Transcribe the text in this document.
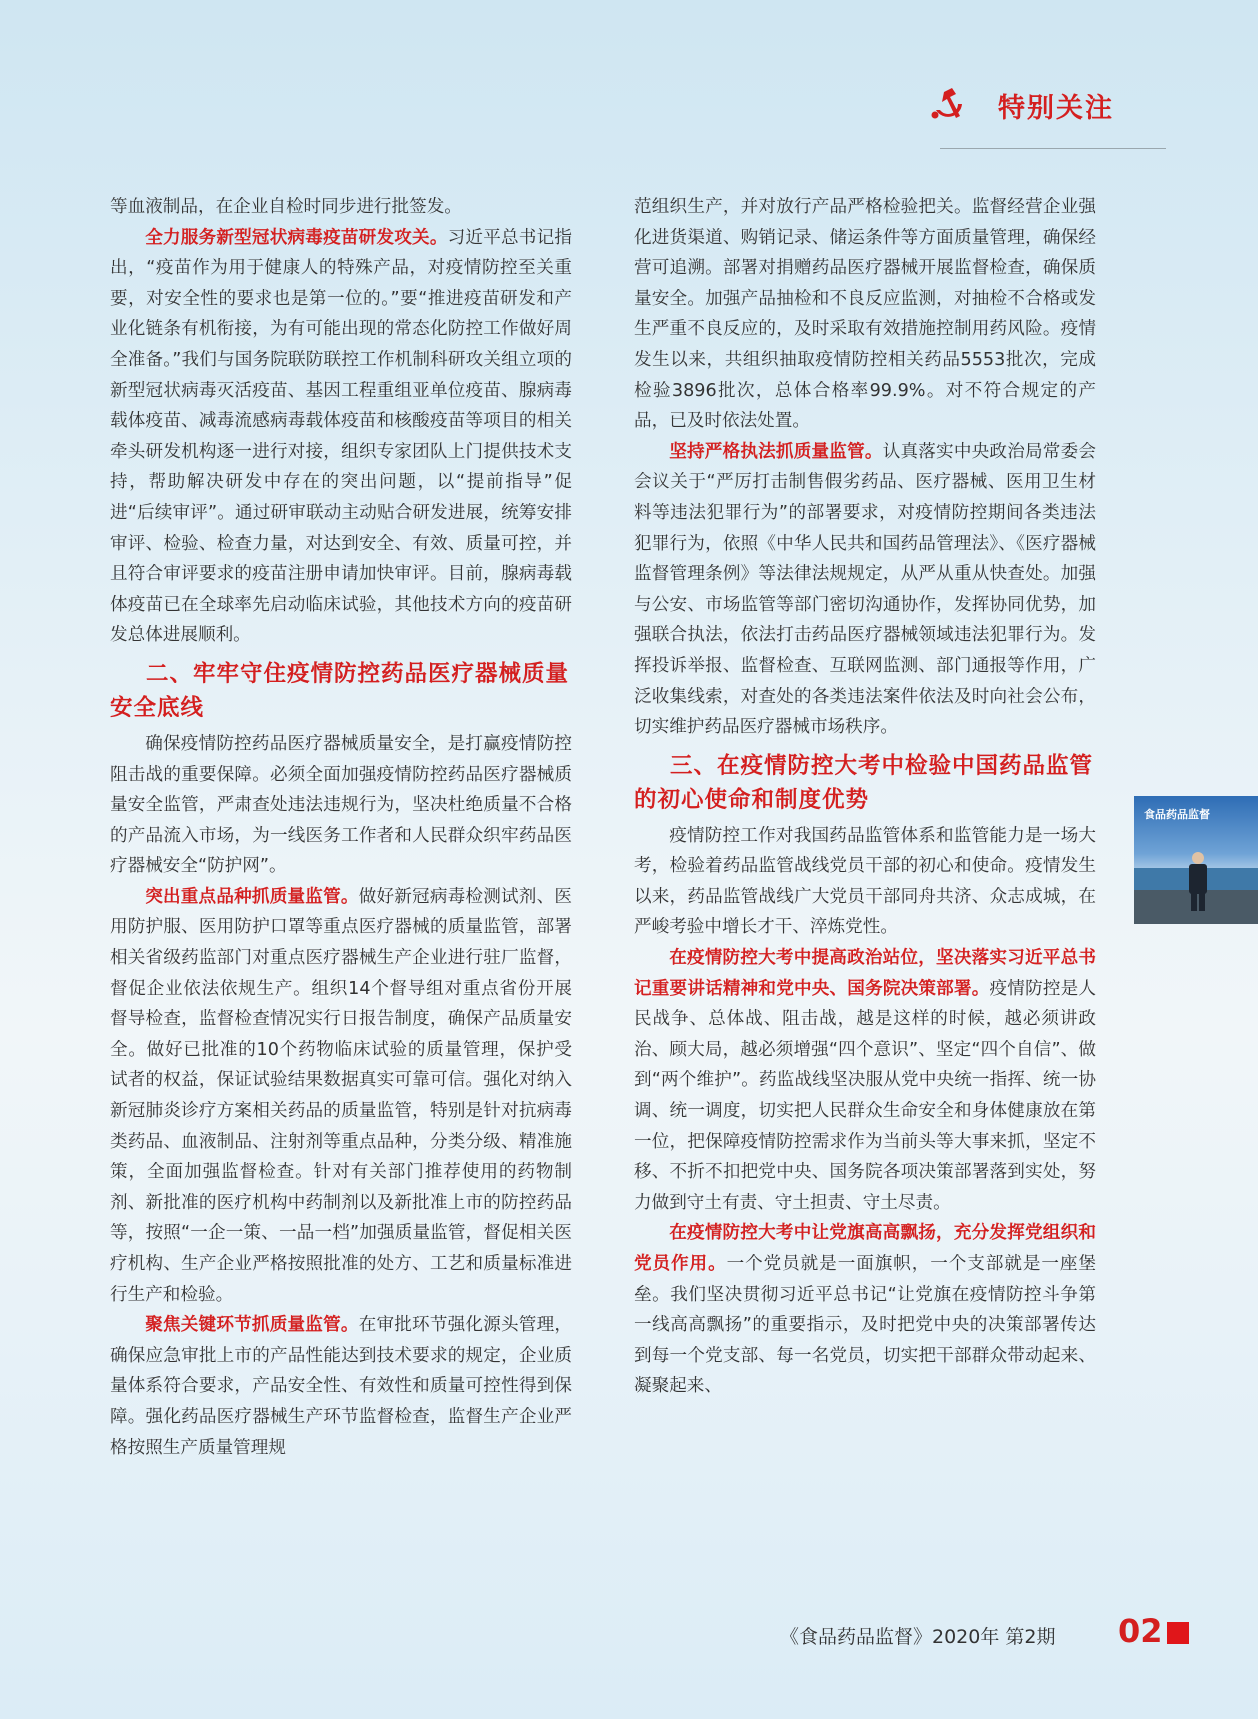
特别关注

等血液制品，在企业自检时同步进行批签发。

全力服务新型冠状病毒疫苗研发攻关。习近平总书记指出，“疫苗作为用于健康人的特殊产品，对疫情防控至关重要，对安全性的要求也是第一位的。”要“推进疫苗研发和产业化链条有机衔接，为有可能出现的常态化防控工作做好周全准备。”我们与国务院联防联控工作机制科研攻关组立项的新型冠状病毒灭活疫苗、基因工程重组亚单位疫苗、腺病毒载体疫苗、减毒流感病毒载体疫苗和核酸疫苗等项目的相关牵头研发机构逐一进行对接，组织专家团队上门提供技术支持，帮助解决研发中存在的突出问题，以“提前指导”促进“后续审评”。通过研审联动主动贴合研发进展，统筹安排审评、检验、检查力量，对达到安全、有效、质量可控，并且符合审评要求的疫苗注册申请加快审评。目前，腺病毒载体疫苗已在全球率先启动临床试验，其他技术方向的疫苗研发总体进展顺利。

二、牢牢守住疫情防控药品医疗器械质量安全底线

确保疫情防控药品医疗器械质量安全，是打赢疫情防控阻击战的重要保障。必须全面加强疫情防控药品医疗器械质量安全监管，严肃查处违法违规行为，坚决杜绝质量不合格的产品流入市场，为一线医务工作者和人民群众织牢药品医疗器械安全“防护网”。

突出重点品种抓质量监管。做好新冠病毒检测试剂、医用防护服、医用防护口罩等重点医疗器械的质量监管，部署相关省级药监部门对重点医疗器械生产企业进行驻厂监督，督促企业依法依规生产。组织14个督导组对重点省份开展督导检查，监督检查情况实行日报告制度，确保产品质量安全。做好已批准的10个药物临床试验的质量管理，保护受试者的权益，保证试验结果数据真实可靠可信。强化对纳入新冠肺炎诊疗方案相关药品的质量监管，特别是针对抗病毒类药品、血液制品、注射剂等重点品种，分类分级、精准施策，全面加强监督检查。针对有关部门推荐使用的药物制剂、新批准的医疗机构中药制剂以及新批准上市的防控药品等，按照“一企一策、一品一档”加强质量监管，督促相关医疗机构、生产企业严格按照批准的处方、工艺和质量标准进行生产和检验。

聚焦关键环节抓质量监管。在审批环节强化源头管理，确保应急审批上市的产品性能达到技术要求的规定，企业质量体系符合要求，产品安全性、有效性和质量可控性得到保障。强化药品医疗器械生产环节监督检查，监督生产企业严格按照生产质量管理规

范组织生产，并对放行产品严格检验把关。监督经营企业强化进货渠道、购销记录、储运条件等方面质量管理，确保经营可追溯。部署对捐赠药品医疗器械开展监督检查，确保质量安全。加强产品抽检和不良反应监测，对抽检不合格或发生严重不良反应的，及时采取有效措施控制用药风险。疫情发生以来，共组织抽取疫情防控相关药品5553批次，完成检验3896批次，总体合格率99.9%。对不符合规定的产品，已及时依法处置。

坚持严格执法抓质量监管。认真落实中央政治局常委会会议关于“严厉打击制售假劣药品、医疗器械、医用卫生材料等违法犯罪行为”的部署要求，对疫情防控期间各类违法犯罪行为，依照《中华人民共和国药品管理法》、《医疗器械监督管理条例》等法律法规规定，从严从重从快查处。加强与公安、市场监管等部门密切沟通协作，发挥协同优势，加强联合执法，依法打击药品医疗器械领域违法犯罪行为。发挥投诉举报、监督检查、互联网监测、部门通报等作用，广泛收集线索，对查处的各类违法案件依法及时向社会公布，切实维护药品医疗器械市场秩序。

三、在疫情防控大考中检验中国药品监管的初心使命和制度优势

疫情防控工作对我国药品监管体系和监管能力是一场大考，检验着药品监管战线党员干部的初心和使命。疫情发生以来，药品监管战线广大党员干部同舟共济、众志成城，在严峻考验中增长才干、淬炼党性。

在疫情防控大考中提高政治站位，坚决落实习近平总书记重要讲话精神和党中央、国务院决策部署。疫情防控是人民战争、总体战、阻击战，越是这样的时候，越必须讲政治、顾大局，越必须增强“四个意识”、坚定“四个自信”、做到“两个维护”。药监战线坚决服从党中央统一指挥、统一协调、统一调度，切实把人民群众生命安全和身体健康放在第一位，把保障疫情防控需求作为当前头等大事来抓，坚定不移、不折不扣把党中央、国务院各项决策部署落到实处，努力做到守土有责、守土担责、守土尽责。

在疫情防控大考中让党旗高高飘扬，充分发挥党组织和党员作用。一个党员就是一面旗帜，一个支部就是一座堡垒。我们坚决贯彻习近平总书记“让党旗在疫情防控斗争第一线高高飘扬”的重要指示，及时把党中央的决策部署传达到每一个党支部、每一名党员，切实把干部群众带动起来、凝聚起来、

食品药品监督
《食品药品监督》2020年 第2期 02
